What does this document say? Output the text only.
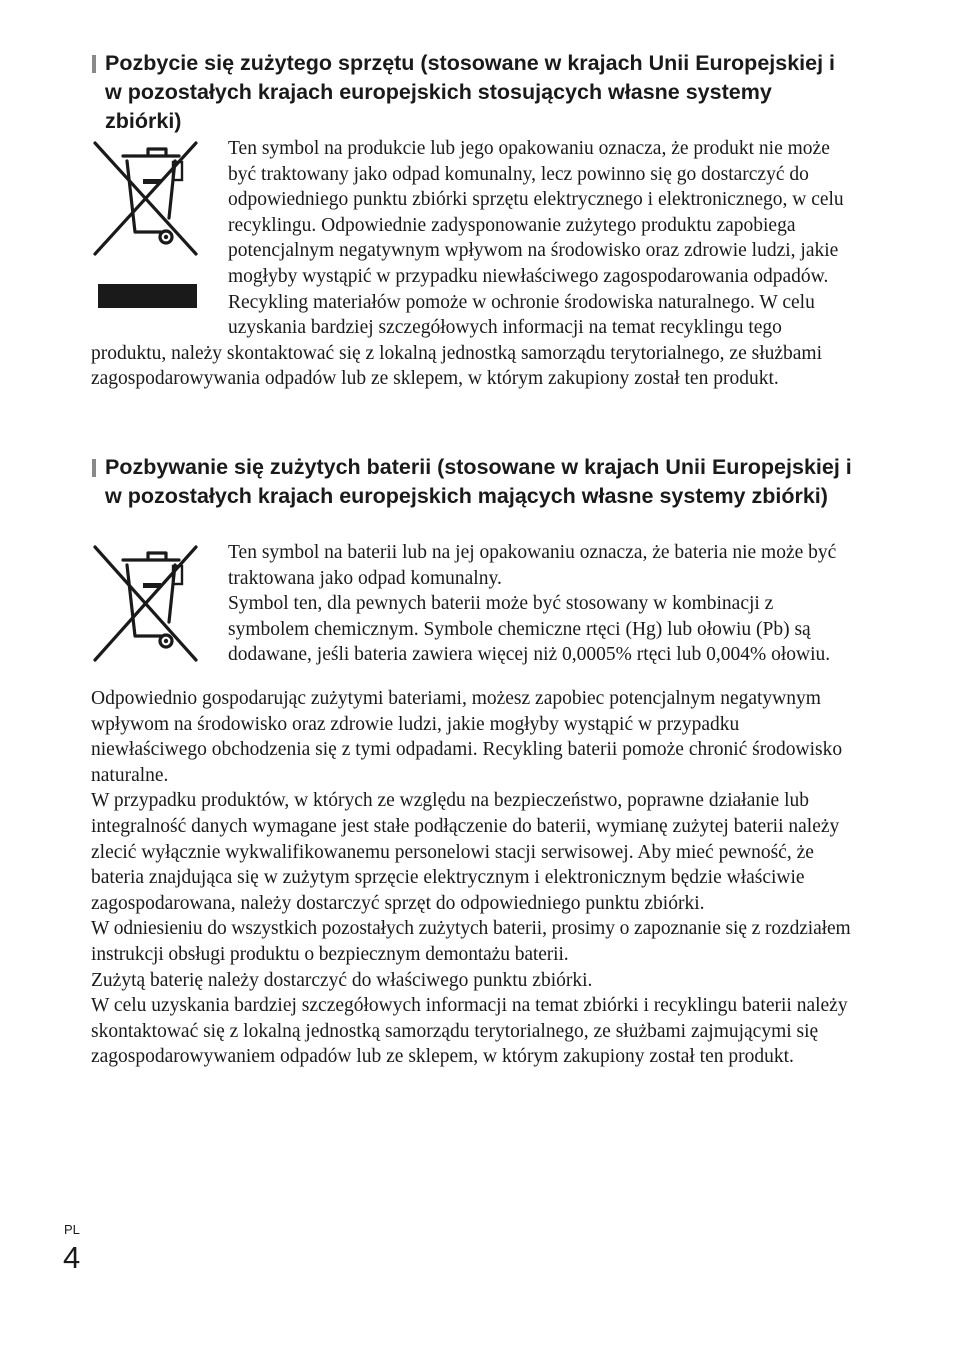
Pozbycie się zużytego sprzętu (stosowane w krajach Unii Europejskiej i w pozostałych krajach europejskich stosujących własne systemy zbiórki)

Ten symbol na produkcie lub jego opakowaniu oznacza, że produkt nie może być traktowany jako odpad komunalny, lecz powinno się go dostarczyć do odpowiedniego punktu zbiórki sprzętu elektrycznego i elektronicznego, w celu recyklingu. Odpowiednie zadysponowanie zużytego produktu zapobiega potencjalnym negatywnym wpływom na środowisko oraz zdrowie ludzi, jakie mogłyby wystąpić w przypadku niewłaściwego zagospodarowania odpadów. Recykling materiałów pomoże w ochronie środowiska naturalnego. W celu uzyskania bardziej szczegółowych informacji na temat recyklingu tego produktu, należy skontaktować się z lokalną jednostką samorządu terytorialnego, ze służbami zagospodarowywania odpadów lub ze sklepem, w którym zakupiony został ten produkt.

Pozbywanie się zużytych baterii (stosowane w krajach Unii Europejskiej i w pozostałych krajach europejskich mających własne systemy zbiórki)

Ten symbol na baterii lub na jej opakowaniu oznacza, że bateria nie może być traktowana jako odpad komunalny.

Symbol ten, dla pewnych baterii może być stosowany w kombinacji z symbolem chemicznym. Symbole chemiczne rtęci (Hg) lub ołowiu (Pb) są dodawane, jeśli bateria zawiera więcej niż 0,0005% rtęci lub 0,004% ołowiu.

Odpowiednio gospodarując zużytymi bateriami, możesz zapobiec potencjalnym negatywnym wpływom na środowisko oraz zdrowie ludzi, jakie mogłyby wystąpić w przypadku niewłaściwego obchodzenia się z tymi odpadami. Recykling baterii pomoże chronić środowisko naturalne.

W przypadku produktów, w których ze względu na bezpieczeństwo, poprawne działanie lub integralność danych wymagane jest stałe podłączenie do baterii, wymianę zużytej baterii należy zlecić wyłącznie wykwalifikowanemu personelowi stacji serwisowej. Aby mieć pewność, że bateria znajdująca się w zużytym sprzęcie elektrycznym i elektronicznym będzie właściwie zagospodarowana, należy dostarczyć sprzęt do odpowiedniego punktu zbiórki.

W odniesieniu do wszystkich pozostałych zużytych baterii, prosimy o zapoznanie się z rozdziałem instrukcji obsługi produktu o bezpiecznym demontażu baterii.

Zużytą baterię należy dostarczyć do właściwego punktu zbiórki.

W celu uzyskania bardziej szczegółowych informacji na temat zbiórki i recyklingu baterii należy skontaktować się z lokalną jednostką samorządu terytorialnego, ze służbami zajmującymi się zagospodarowywaniem odpadów lub ze sklepem, w którym zakupiony został ten produkt.

PL
4
